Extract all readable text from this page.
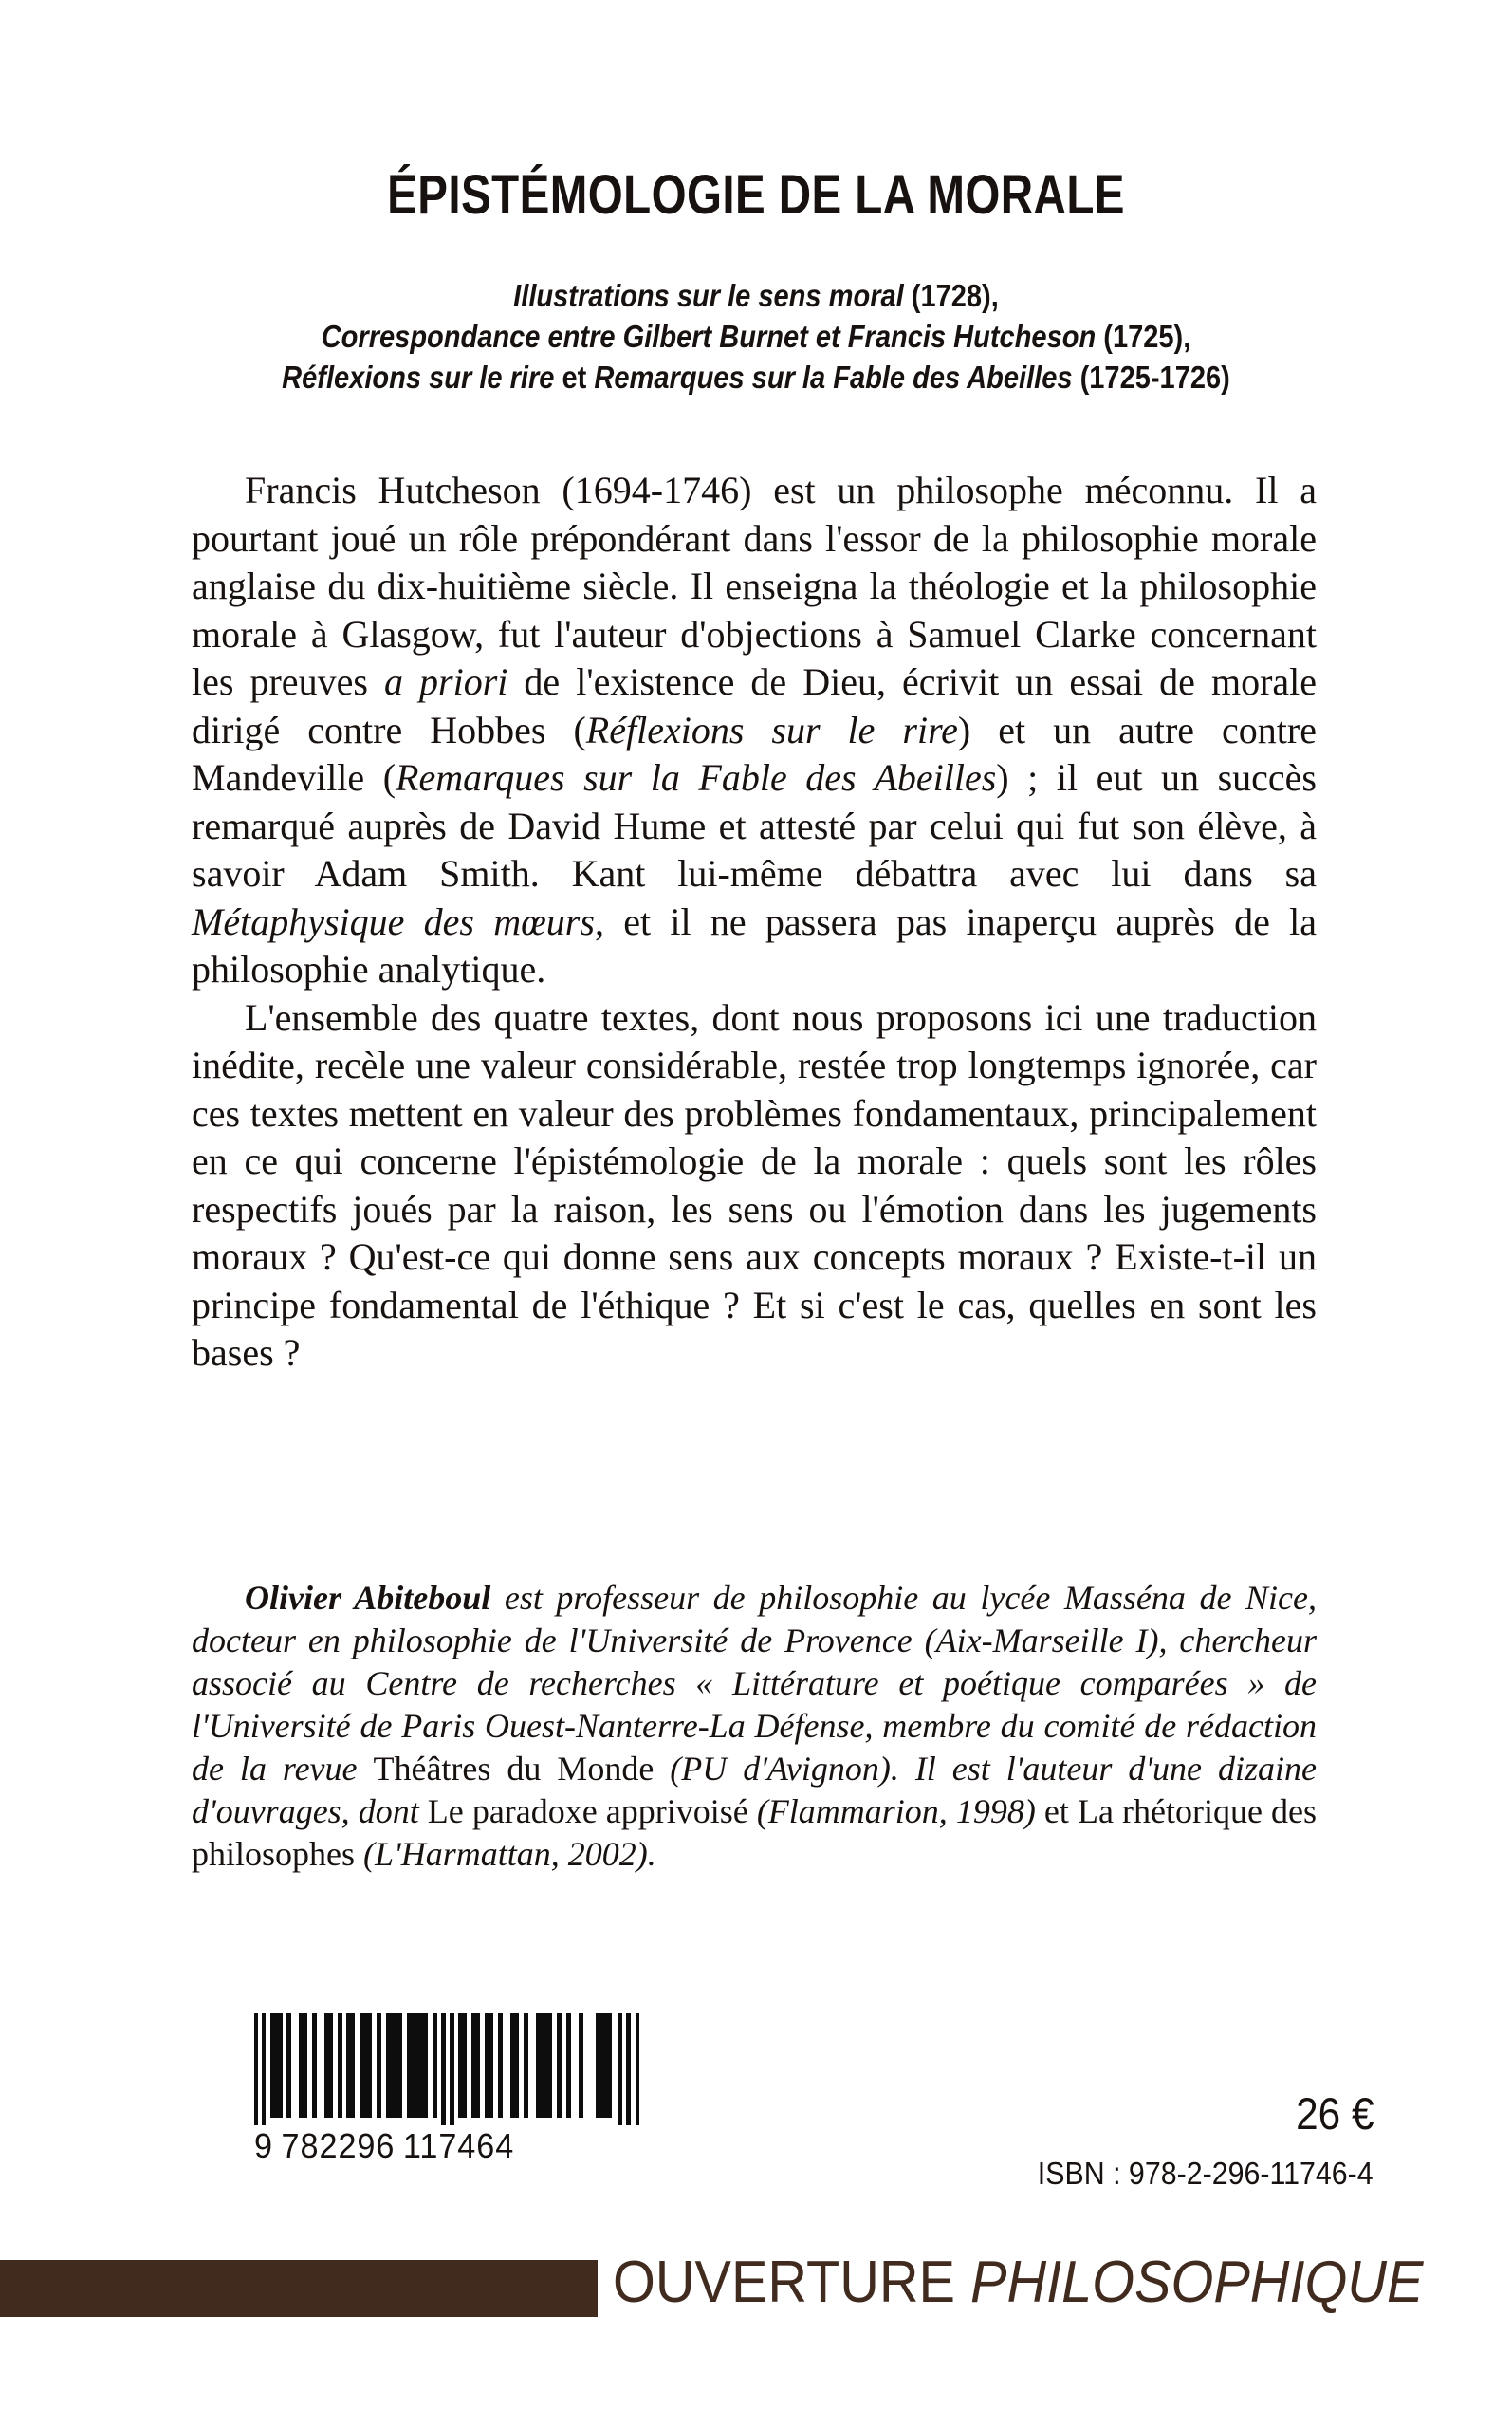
ÉPISTÉMOLOGIE DE LA MORALE
Illustrations sur le sens moral (1728),
Correspondance entre Gilbert Burnet et Francis Hutcheson (1725),
Réflexions sur le rire et Remarques sur la Fable des Abeilles (1725-1726)

Francis Hutcheson (1694-1746) est un philosophe méconnu. Il a pourtant joué un rôle prépondérant dans l'essor de la philosophie morale anglaise du dix-huitième siècle. Il enseigna la théologie et la philosophie morale à Glasgow, fut l'auteur d'objections à Samuel Clarke concernant les preuves a priori de l'existence de Dieu, écrivit un essai de morale dirigé contre Hobbes (Réflexions sur le rire) et un autre contre Mandeville (Remarques sur la Fable des Abeilles) ; il eut un succès remarqué auprès de David Hume et attesté par celui qui fut son élève, à savoir Adam Smith. Kant lui-même débattra avec lui dans sa Métaphysique des mœurs, et il ne passera pas inaperçu auprès de la philosophie analytique.

L'ensemble des quatre textes, dont nous proposons ici une traduction inédite, recèle une valeur considérable, restée trop longtemps ignorée, car ces textes mettent en valeur des problèmes fondamentaux, principalement en ce qui concerne l'épistémologie de la morale : quels sont les rôles respectifs joués par la raison, les sens ou l'émotion dans les jugements moraux ? Qu'est-ce qui donne sens aux concepts moraux ? Existe-t-il un principe fondamental de l'éthique ? Et si c'est le cas, quelles en sont les bases ?

Olivier Abiteboul est professeur de philosophie au lycée Masséna de Nice, docteur en philosophie de l'Université de Provence (Aix-Marseille I), chercheur associé au Centre de recherches « Littérature et poétique comparées » de l'Université de Paris Ouest-Nanterre-La Défense, membre du comité de rédaction de la revue Théâtres du Monde (PU d'Avignon). Il est l'auteur d'une dizaine d'ouvrages, dont Le paradoxe apprivoisé (Flammarion, 1998) et La rhétorique des philosophes (L'Harmattan, 2002).

9 782296 117464
26 €
ISBN : 978-2-296-11746-4
OUVERTURE PHILOSOPHIQUE
